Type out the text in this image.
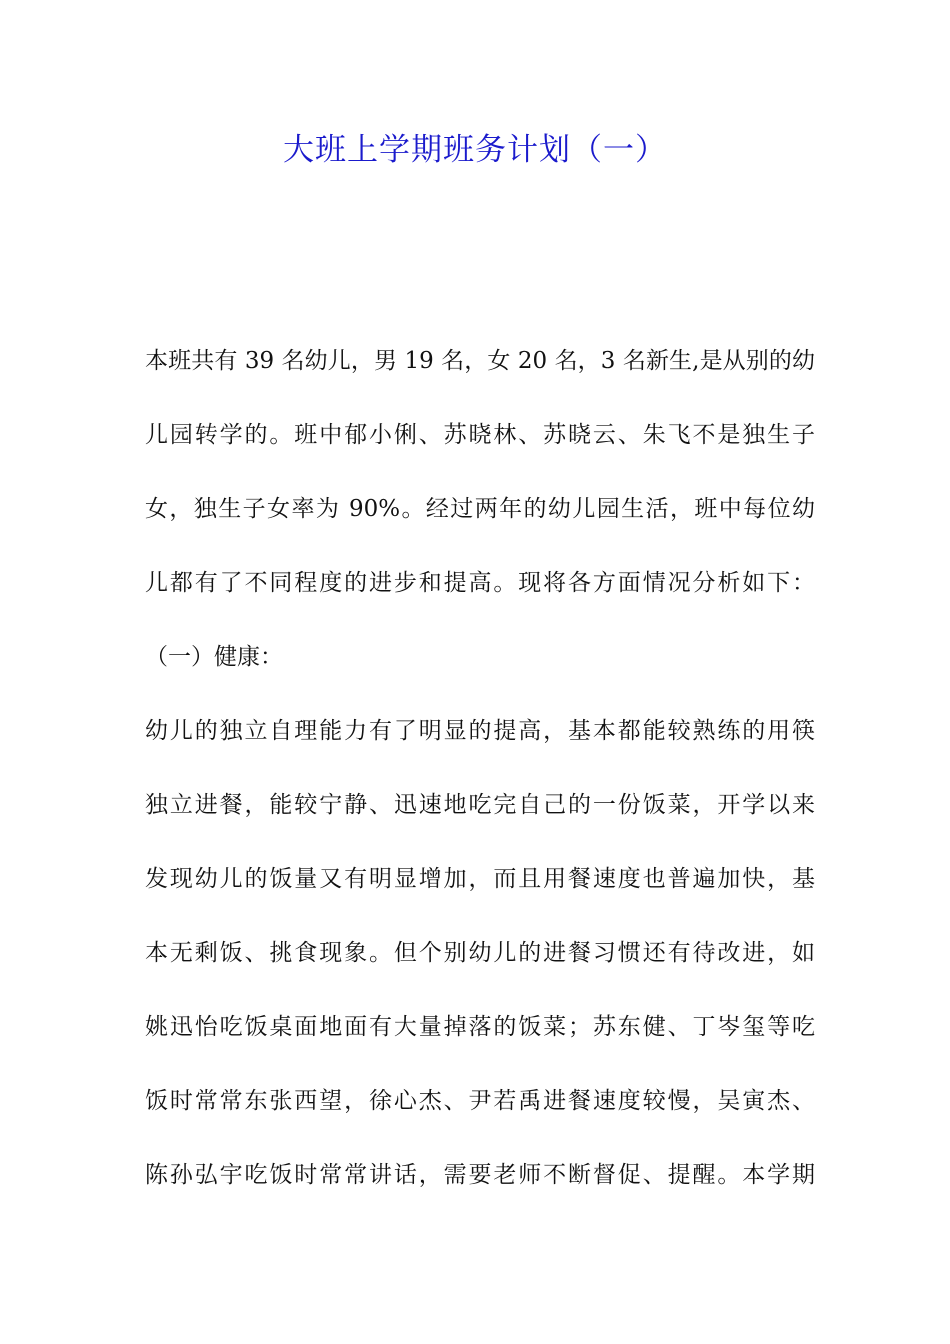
大班上学期班务计划（一）
本班共有 39 名幼儿，男 19 名，女 20 名，3 名新生,是从别的幼
儿园转学的。班中郁小俐、苏晓林、苏晓云、朱飞不是独生子
女，独生子女率为 90%。经过两年的幼儿园生活，班中每位幼
儿都有了不同程度的进步和提高。现将各方面情况分析如下：
（一）健康：
幼儿的独立自理能力有了明显的提高，基本都能较熟练的用筷
独立进餐，能较宁静、迅速地吃完自己的一份饭菜，开学以来
发现幼儿的饭量又有明显增加，而且用餐速度也普遍加快，基
本无剩饭、挑食现象。但个别幼儿的进餐习惯还有待改进，如
姚迅怡吃饭桌面地面有大量掉落的饭菜；苏东健、丁岑玺等吃
饭时常常东张西望，徐心杰、尹若禹进餐速度较慢，吴寅杰、
陈孙弘宇吃饭时常常讲话，需要老师不断督促、提醒。本学期
